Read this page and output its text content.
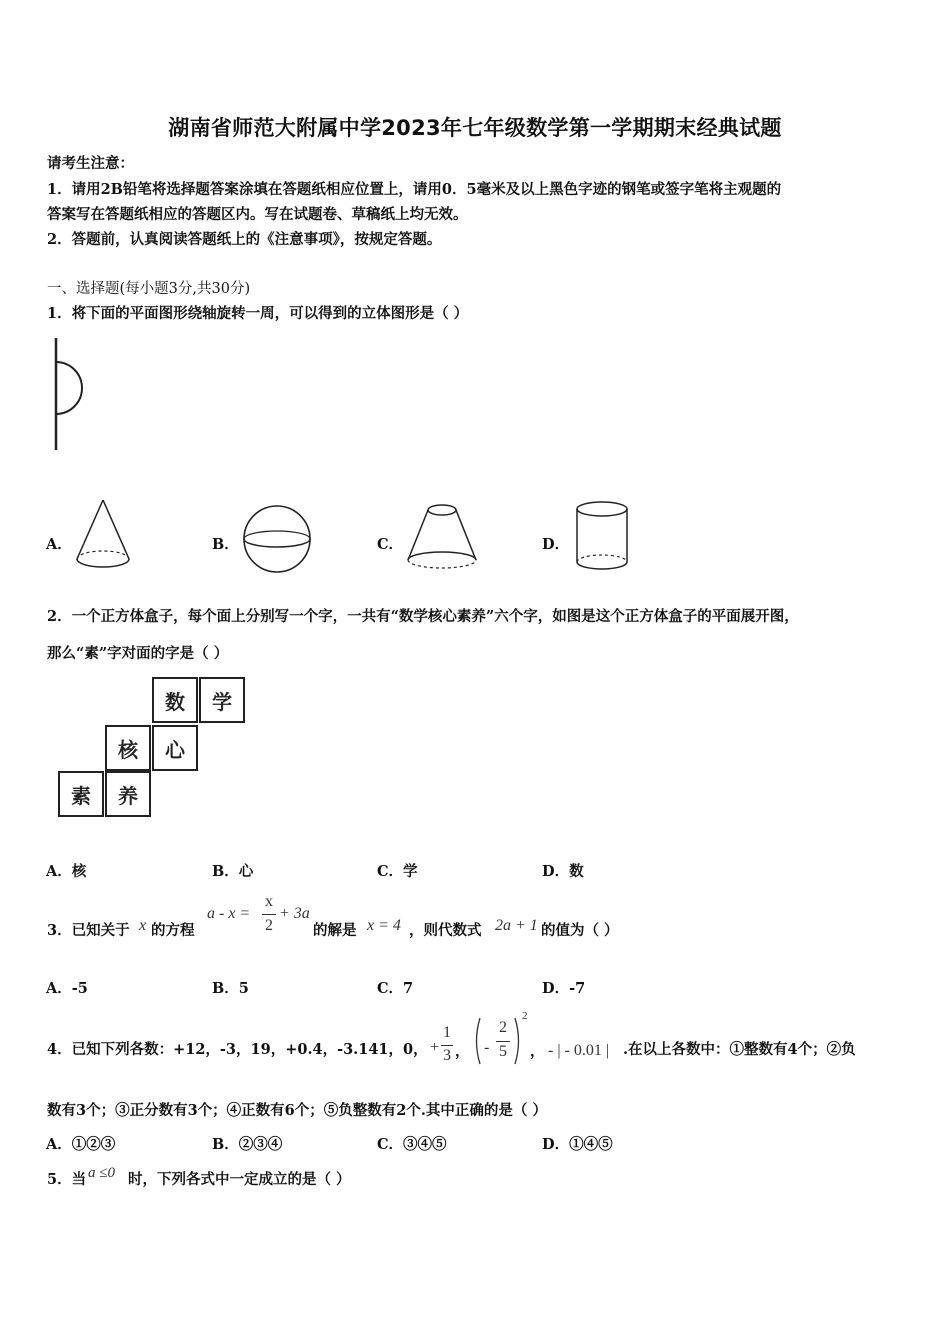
湖南省师范大附属中学2023年七年级数学第一学期期末经典试题
请考生注意：
1．请用2B铅笔将选择题答案涂填在答题纸相应位置上，请用0．5毫米及以上黑色字迹的钢笔或签字笔将主观题的
答案写在答题纸相应的答题区内。写在试题卷、草稿纸上均无效。
2．答题前，认真阅读答题纸上的《注意事项》，按规定答题。
一、选择题(每小题3分,共30分)
1．将下面的平面图形绕轴旋转一周，可以得到的立体图形是（ ）
A．	B．	C．	D．
2．一个正方体盒子，每个面上分别写一个字，一共有“数学核心素养”六个字，如图是这个正方体盒子的平面展开图，
那么“素”字对面的字是（ ）
数	学
核	心
素	养
A．核	B．心	C．学	D．数
3．已知关于 x 的方程
a - x =
x
2
+ 3a
的解是 x = 4 ，则代数式 2a + 1 的值为（ ）
A．-5	B．5	C．7	D．-7
4．已知下列各数：+12，-3，19，+0.4，-3.141，0， +
1
3 ， -
2
5
2
， - | - 0.01 | .在以上各数中：①整数有4个；②负
数有3个；③正分数有3个；④正数有6个；⑤负整数有2个.其中正确的是（ ）
A．①②③	B．②③④	C．③④⑤	D．①④⑤
5．当 a ≤0 时，下列各式中一定成立的是（ ）
